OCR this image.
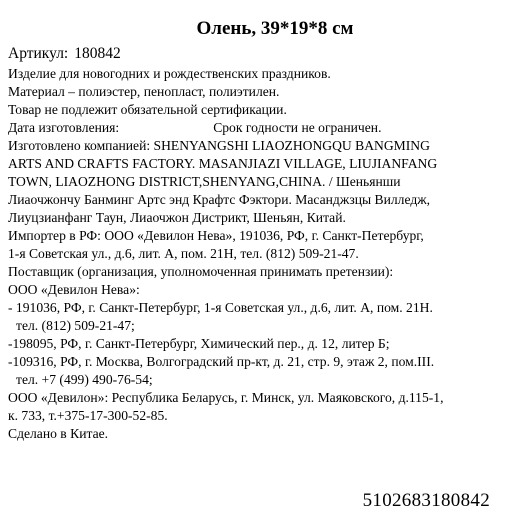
Олень, 39*19*8 см
Артикул: 180842
Изделие для новогодних и рождественских праздников.
Материал – полиэстер, пенопласт, полиэтилен.
Товар не подлежит обязательной сертификации.
Дата изготовления:	Срок годности не ограничен.
Изготовлено компанией: SHENYANGSHI LIAOZHONGQU BANGMING
ARTS AND CRAFTS FACTORY. MASANJIAZI VILLAGE, LIUJIANFANG
TOWN, LIAOZHONG DISTRICT,SHENYANG,CHINA. / Шеньянши
Лиаочжончу Банминг Артс энд Крафтс Фэктори. Масанджзцы Вилледж,
Лиуцзианфанг Таун, Лиаочжон Дистрикт, Шеньян, Китай.
Импортер в РФ: ООО «Девилон Нева», 191036, РФ, г. Санкт-Петербург,
1-я Советская ул., д.6, лит. А, пом. 21Н, тел. (812) 509-21-47.
Поставщик (организация, уполномоченная принимать претензии):
ООО «Девилон Нева»:
- 191036, РФ, г. Санкт-Петербург, 1-я Советская ул., д.6, лит. А, пом. 21Н.
тел. (812) 509-21-47;
-198095, РФ, г. Санкт-Петербург, Химический пер., д. 12, литер Б;
-109316, РФ, г. Москва, Волгоградский пр-кт, д. 21, стр. 9, этаж 2, пом.III.
тел. +7 (499) 490-76-54;
ООО «Девилон»: Республика Беларусь, г. Минск, ул. Маяковского, д.115-1,
к. 733, т.+375-17-300-52-85.
Сделано в Китае.
5102683180842
